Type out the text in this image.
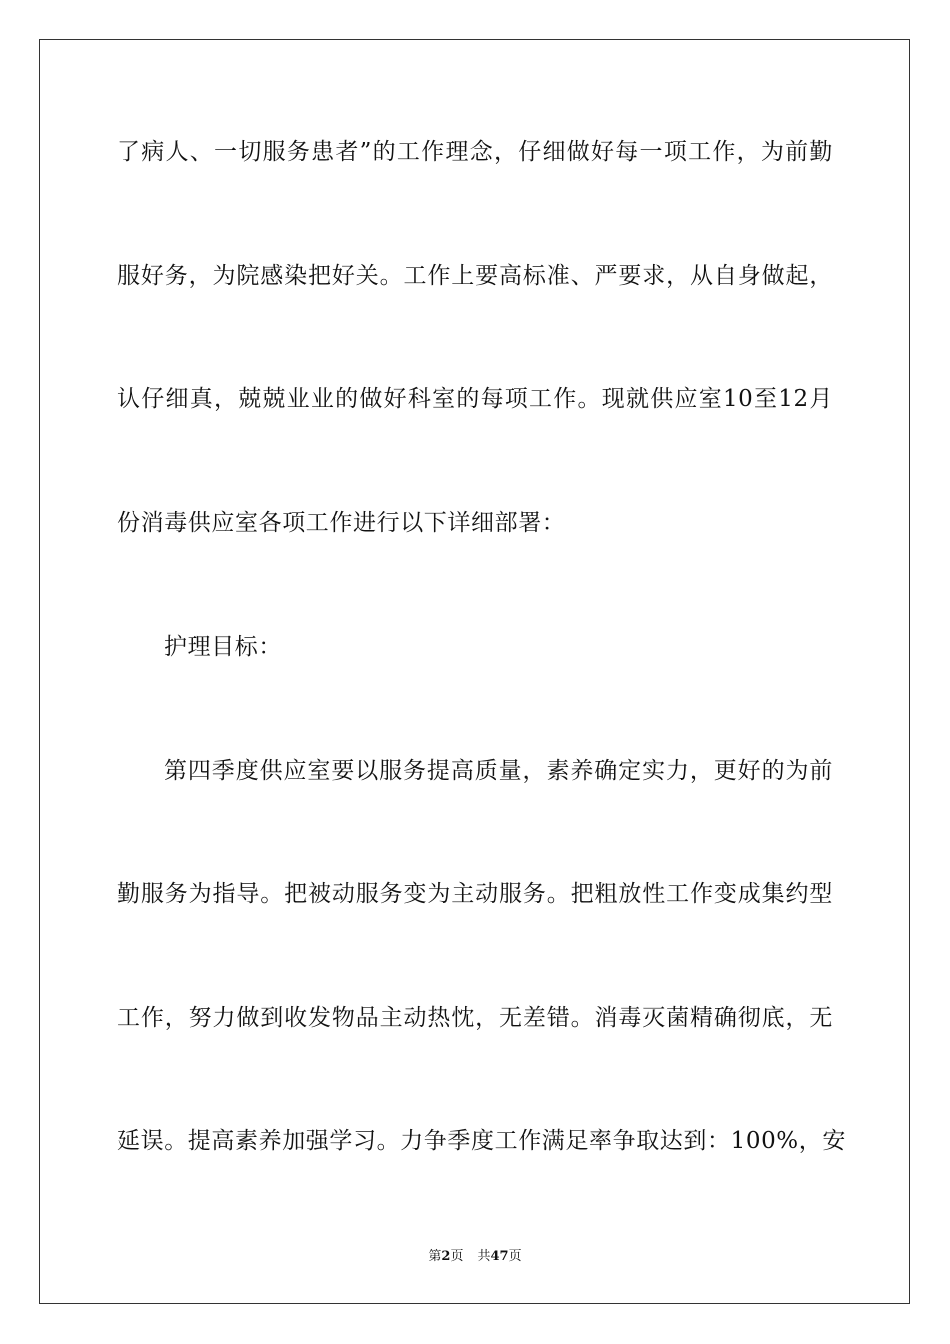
了病人、一切服务患者”的工作理念，仔细做好每一项工作，为前勤
服好务，为院感染把好关。工作上要高标准、严要求，从自身做起，
认仔细真，兢兢业业的做好科室的每项工作。现就供应室10至12月
份消毒供应室各项工作进行以下详细部署：
护理目标：
第四季度供应室要以服务提高质量，素养确定实力，更好的为前
勤服务为指导。把被动服务变为主动服务。把粗放性工作变成集约型
工作，努力做到收发物品主动热忱，无差错。消毒灭菌精确彻底，无
延误。提高素养加强学习。力争季度工作满足率争取达到：100%，安
第2页 共47页
